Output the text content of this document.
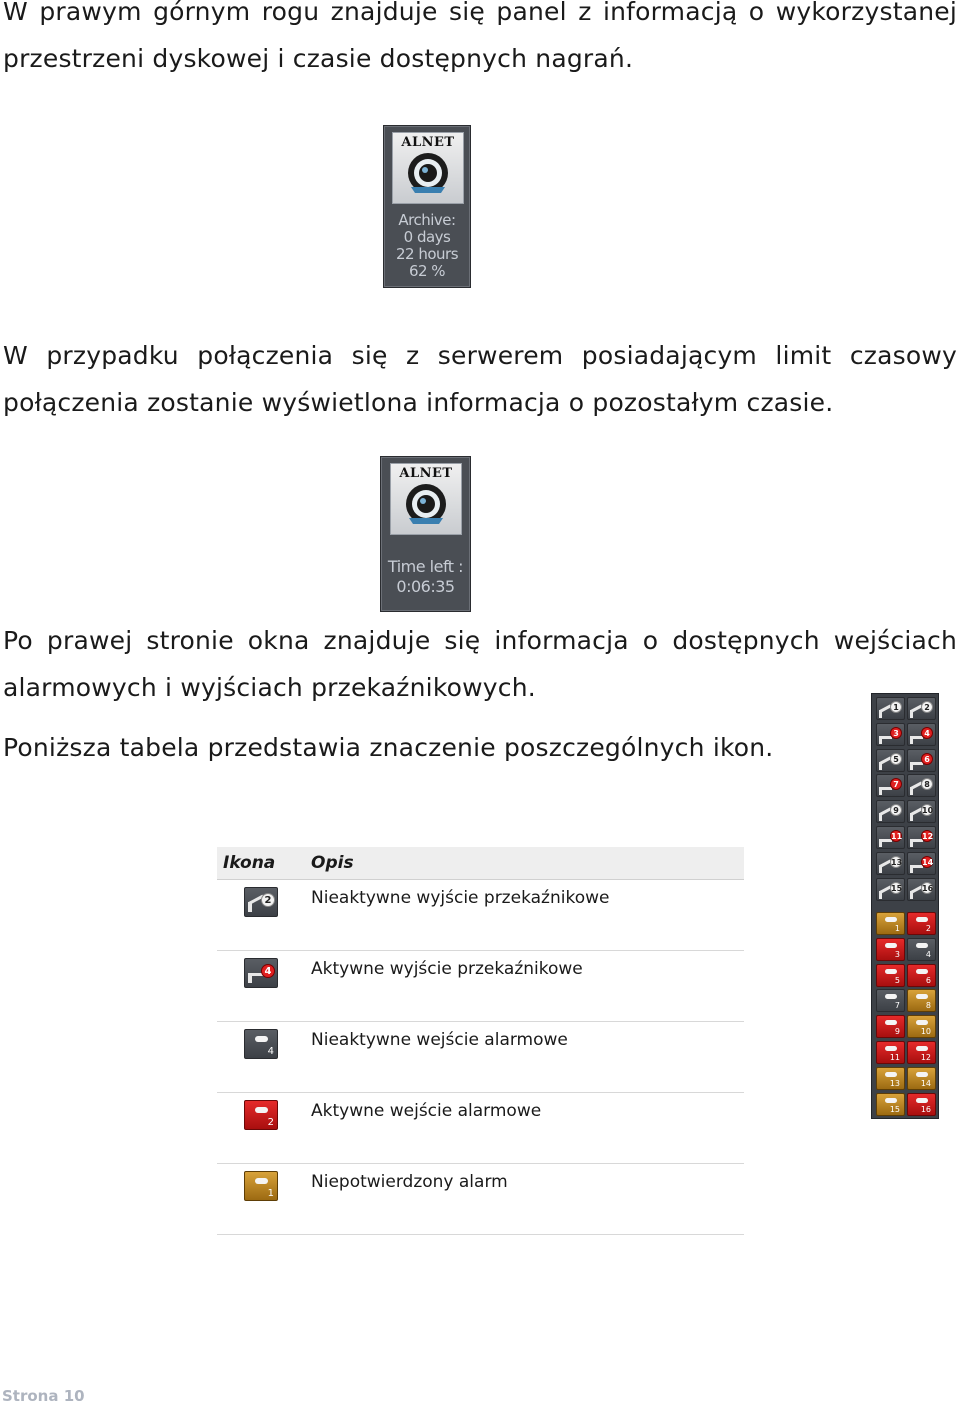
W prawym górnym rogu znajduje się panel z informacją o wykorzystanej przestrzeni dyskowej i czasie dostępnych nagrań.

ALNET
Archive:
0 days
22 hours
62 %

W przypadku połączenia się z serwerem posiadającym limit czasowy połączenia zostanie wyświetlona informacja o pozostałym czasie.

ALNET
Time left :
0:06:35

Po prawej stronie okna znajduje się informacja o dostępnych wejściach alarmowych i wyjściach przekaźnikowych.

Poniższa tabela przedstawia znaczenie poszczególnych ikon.

Ikona	Opis

2	Nieaktywne wyjście przekaźnikowe

4	Aktywne wyjście przekaźnikowe

4	Nieaktywne wejście alarmowe

2	Aktywne wejście alarmowe

1	Niepotwierdzony alarm
1	2
3	4
5	6
7	8
9	10
11 12
13 14
15 16
1	2
3	4
5	6
7	8
9	10
11	12
13	14
15	16
Strona 10
